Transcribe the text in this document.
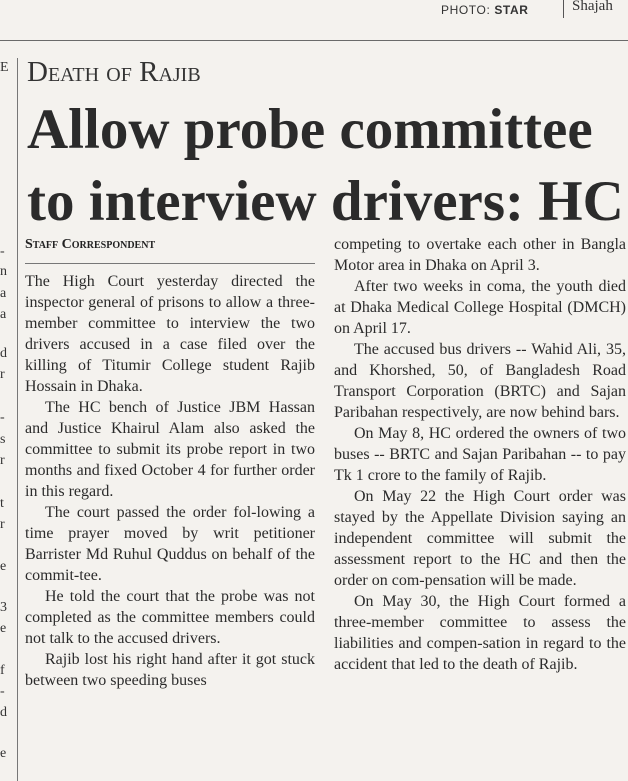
PHOTO: STAR	Shajah
E
-
n
a
a
d
r
-
s
r
t
r
e
3
e
f
-
d
e
Death of Rajib
Allow probe committee
to interview drivers: HC
Staff Correspondent

The High Court yesterday directed the inspector general of prisons to allow a three-member committee to interview the two drivers accused in a case filed over the killing of Titumir College student Rajib Hossain in Dhaka.

The HC bench of Justice JBM Hassan and Justice Khairul Alam also asked the committee to submit its probe report in two months and fixed October 4 for further order in this regard.

The court passed the order fol-lowing a time prayer moved by writ petitioner Barrister Md Ruhul Quddus on behalf of the commit-tee.

He told the court that the probe was not completed as the committee members could not talk to the accused drivers.

Rajib lost his right hand after it got stuck between two speeding buses

competing to overtake each other in Bangla Motor area in Dhaka on April 3.

After two weeks in coma, the youth died at Dhaka Medical College Hospital (DMCH) on April 17.

The accused bus drivers -- Wahid Ali, 35, and Khorshed, 50, of Bangladesh Road Transport Corporation (BRTC) and Sajan Paribahan respectively, are now behind bars.

On May 8, HC ordered the owners of two buses -- BRTC and Sajan Paribahan -- to pay Tk 1 crore to the family of Rajib.

On May 22 the High Court order was stayed by the Appellate Division saying an independent committee will submit the assessment report to the HC and then the order on com-pensation will be made.

On May 30, the High Court formed a three-member committee to assess the liabilities and compen-sation in regard to the accident that led to the death of Rajib.
